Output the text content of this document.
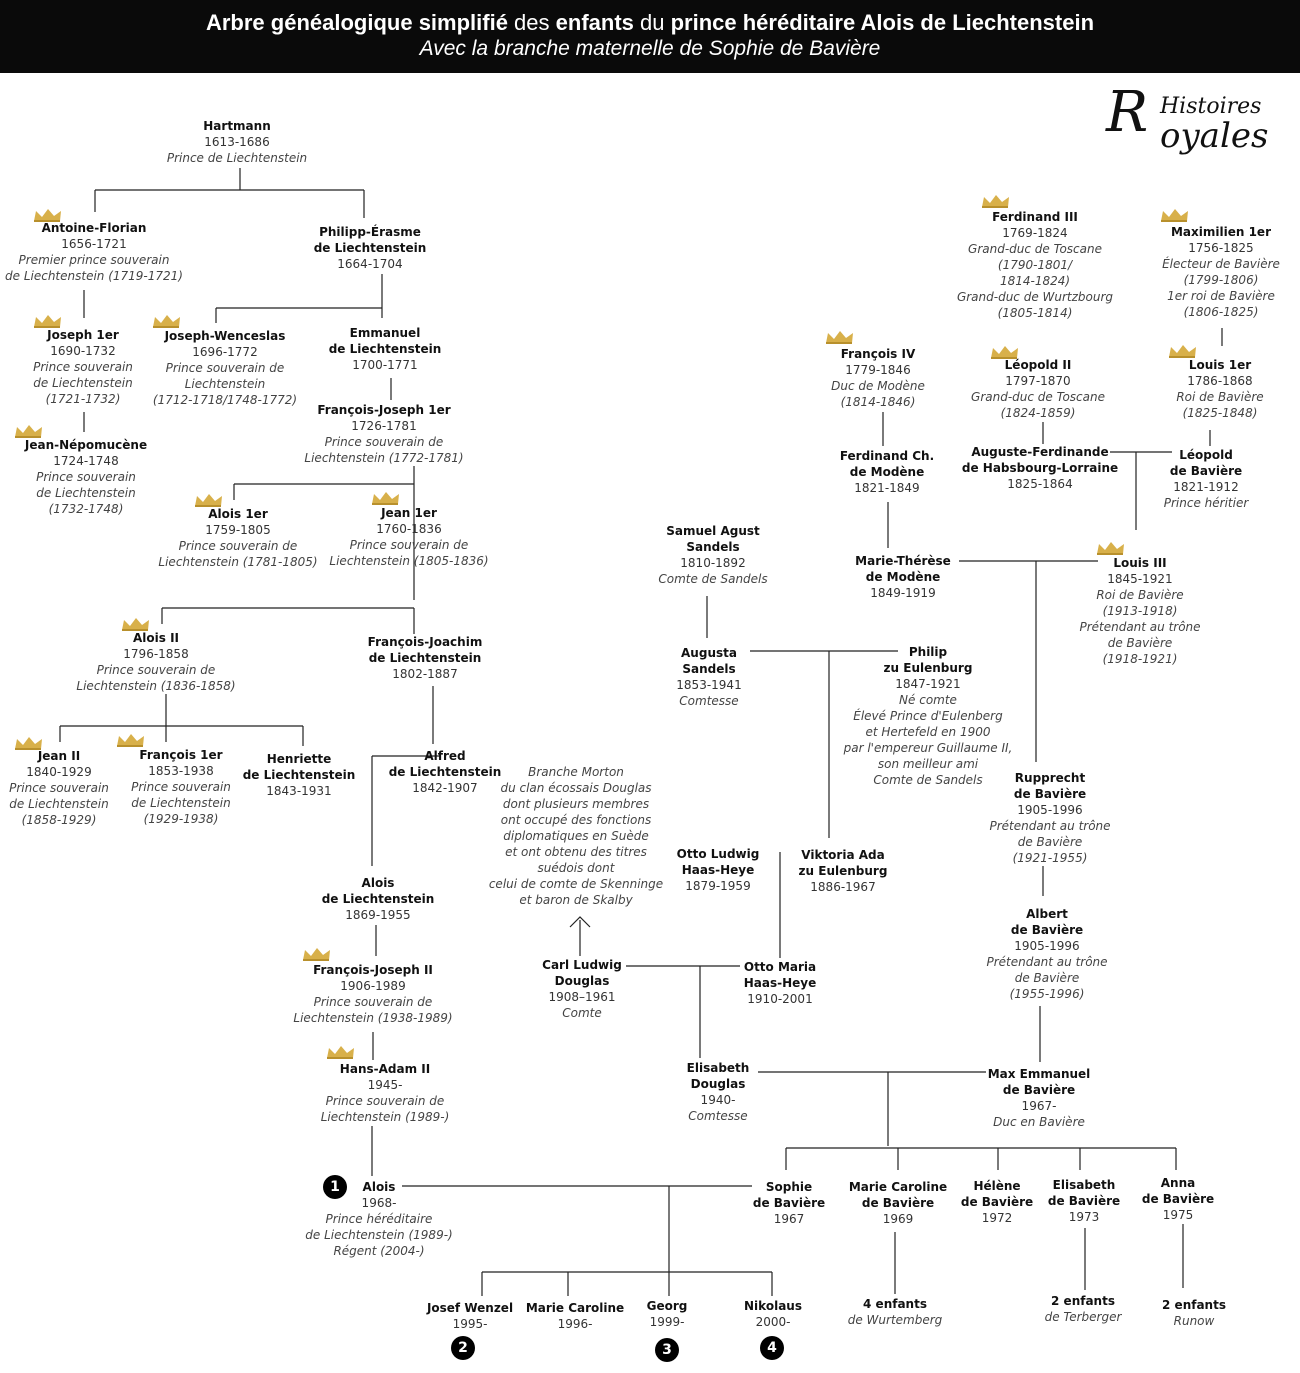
Arbre généalogique simplifié des enfants du prince héréditaire Alois de Liechtenstein
Avec la branche maternelle de Sophie de Bavière
R Histoires
oyales
1
2	3	4
Hartmann
1613-1686
Prince de Liechtenstein
Antoine-Florian
1656-1721
Premier prince souverain
de Liechtenstein (1719-1721)
Philipp-Érasme
de Liechtenstein
1664-1704
Joseph 1er
1690-1732
Prince souverain
de Liechtenstein
(1721-1732)
Joseph-Wenceslas
1696-1772
Prince souverain de
Liechtenstein
(1712-1718/1748-1772)
Emmanuel
de Liechtenstein
1700-1771
Jean-Népomucène
1724-1748
Prince souverain
de Liechtenstein
(1732-1748)
François-Joseph 1er
1726-1781
Prince souverain de
Liechtenstein (1772-1781)
Alois 1er
1759-1805
Prince souverain de
Liechtenstein (1781-1805)
Jean 1er
1760-1836
Prince souverain de
Liechtenstein (1805-1836)
Alois II
1796-1858
Prince souverain de
Liechtenstein (1836-1858)
François-Joachim
de Liechtenstein
1802-1887
Jean II
1840-1929
Prince souverain
de Liechtenstein
(1858-1929)
François 1er
1853-1938
Prince souverain
de Liechtenstein
(1929-1938)
Henriette
de Liechtenstein
1843-1931
Alfred
de Liechtenstein
1842-1907
Alois
de Liechtenstein
1869-1955
François-Joseph II
1906-1989
Prince souverain de
Liechtenstein (1938-1989)
Hans-Adam II
1945-
Prince souverain de
Liechtenstein (1989-)
Alois
1968-
Prince héréditaire
de Liechtenstein (1989-)
Régent (2004-)
Josef Wenzel
1995-
Marie Caroline
1996-
Georg
1999-
Nikolaus
2000-
Ferdinand III
1769-1824
Grand-duc de Toscane
(1790-1801/
1814-1824)
Grand-duc de Wurtzbourg
(1805-1814)
Maximilien 1er
1756-1825
Électeur de Bavière
(1799-1806)
1er roi de Bavière
(1806-1825)
François IV
1779-1846
Duc de Modène
(1814-1846)
Léopold II
1797-1870
Grand-duc de Toscane
(1824-1859)
Louis 1er
1786-1868
Roi de Bavière
(1825-1848)
Ferdinand Ch.
de Modène
1821-1849
Auguste-Ferdinande
de Habsbourg-Lorraine
1825-1864
Léopold
de Bavière
1821-1912
Prince héritier
Samuel Agust
Sandels
1810-1892
Comte de Sandels
Marie-Thérèse
de Modène
1849-1919
Louis III
1845-1921
Roi de Bavière
(1913-1918)
Prétendant au trône
de Bavière
(1918-1921)
Augusta
Sandels
1853-1941
Comtesse
Philip
zu Eulenburg
1847-1921
Né comte
Élevé Prince d'Eulenberg
et Hertefeld en 1900
par l'empereur Guillaume II,
son meilleur ami
Comte de Sandels
Branche Morton
du clan écossais Douglas
dont plusieurs membres
ont occupé des fonctions
diplomatiques en Suède
et ont obtenu des titres
suédois dont
celui de comte de Skenninge
et baron de Skalby
Rupprecht
de Bavière
1905-1996
Prétendant au trône
de Bavière
(1921-1955)
Otto Ludwig
Haas-Heye
1879-1959
Viktoria Ada
zu Eulenburg
1886-1967
Albert
de Bavière
1905-1996
Prétendant au trône
de Bavière
(1955-1996)
Carl Ludwig
Douglas
1908–1961
Comte
Otto Maria
Haas-Heye
1910-2001
Elisabeth
Douglas
1940-
Comtesse
Max Emmanuel
de Bavière
1967-
Duc en Bavière
Sophie
de Bavière
1967
Marie Caroline
de Bavière
1969
Hélène
de Bavière
1972
Elisabeth
de Bavière
1973
Anna
de Bavière
1975
4 enfants
de Wurtemberg
2 enfants
de Terberger
2 enfants
Runow
